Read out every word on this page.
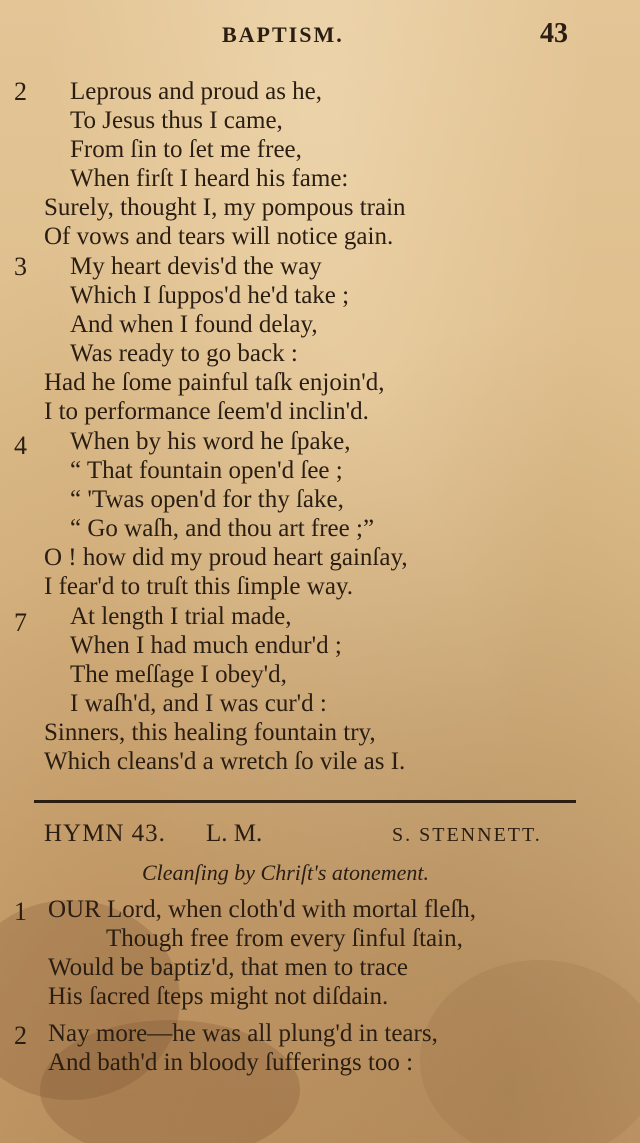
BAPTISM.	43
2 Leprous and proud as he,
To Jesus thus I came,
From ſin to ſet me free,
When firſt I heard his fame:
Surely, thought I, my pompous train
Of vows and tears will notice gain.
3 My heart devis'd the way
Which I ſuppos'd he'd take ;
And when I found delay,
Was ready to go back :
Had he ſome painful taſk enjoin'd,
I to performance ſeem'd inclin'd.
4 When by his word he ſpake,
“ That fountain open'd ſee ;
“ 'Twas open'd for thy ſake,
“ Go waſh, and thou art free ;”
O ! how did my proud heart gainſay,
I fear'd to truſt this ſimple way.
7 At length I trial made,
When I had much endur'd ;
The meſſage I obey'd,
I waſh'd, and I was cur'd :
Sinners, this healing fountain try,
Which cleans'd a wretch ſo vile as I.
HYMN 43. L. M.	S. STENNETT.
Cleanſing by Chriſt's atonement.
1 OUR Lord, when cloth'd with mortal fleſh,
Though free from every ſinful ſtain,
Would be baptiz'd, that men to trace
His ſacred ſteps might not diſdain.
2 Nay more—he was all plung'd in tears,
And bath'd in bloody ſufferings too :
